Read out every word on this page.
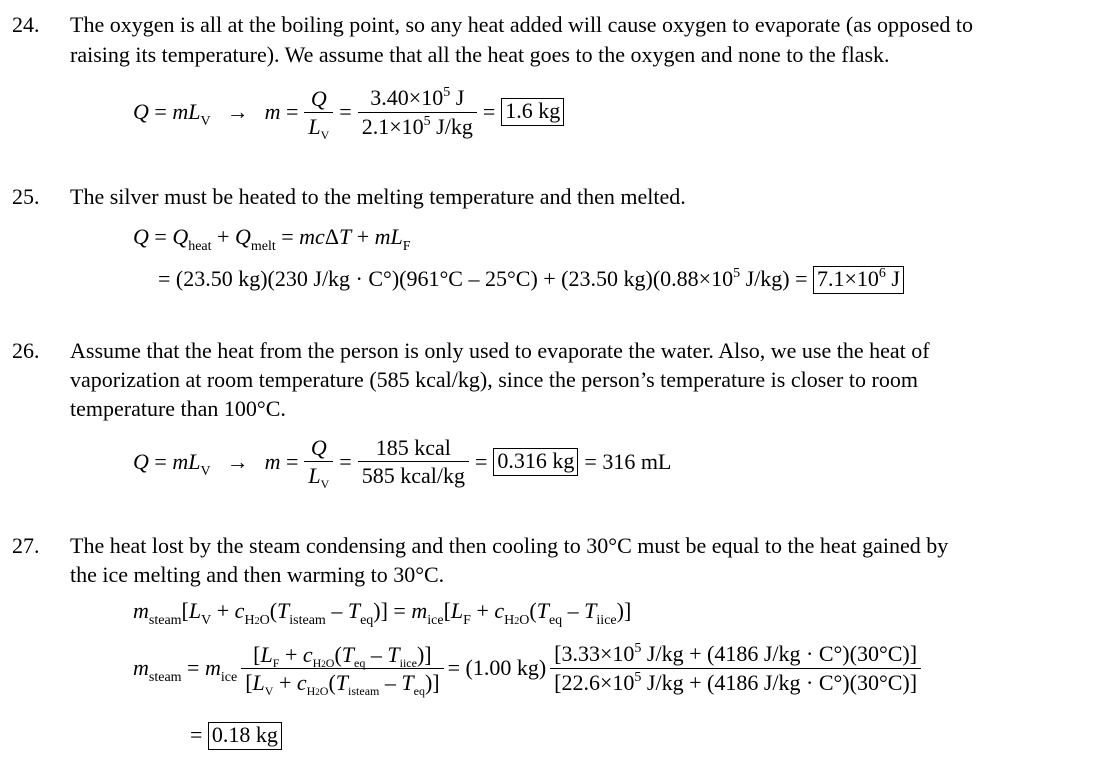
24. The oxygen is all at the boiling point, so any heat added will cause oxygen to evaporate (as opposed to
raising its temperature). We assume that all the heat goes to the oxygen and none to the flask.
$Q = mL_V \to m = \frac{Q}{L_V} = \frac{3.40\times 10^5 J}{2.1\times 10^5 J/kg} = 1.6$ kg
25. The silver must be heated to the melting temperature and then melted.
$Q = Q_{heat} + Q_{melt} = mc\Delta T + mL_F$
= (23.50 kg)(230 J/kg · C°)(961°C – 25°C) + (23.50 $kg)(0.88\times 10^5$ $J/kg) = 7.1\times 10^6$ J
26. Assume that the heat from the person is only used to evaporate the water. Also, we use the heat of
vaporization at room temperature (585 kcal/kg), since the person’s temperature is closer to room
temperature than 100°C.
$Q = mL_V \to m = \frac{Q}{L_V} = \frac{\text{185 kcal}}{\text{585 kcal/kg}} = 0.316$ kg = 316 mL
27. The heat lost by the steam condensing and then cooling to 30°C must be equal to the heat gained by
the ice melting and then warming to 30°C.
$m_{steam}[L_V + c_{H2O}(T_{isteam} - T_{eq})] = m_{ice}[L_F + c_{H2O}(T_{eq} - T_{iice})]$
$m_{steam} = m_{ice} \frac{[L_F + c_{H2O}(T_{eq} - T_{iice})]}{[L_V + c_{H2O}(T_{isteam} - T_{eq})]} = (1.00$ $kg) \frac{[3.33\times 10^5 J/kg + (4186 J/kg \cdot C^\circ)(30^\circ C)]}{[22.6\times 10^5 J/kg + (4186 J/kg \cdot C^\circ)(30^\circ C)]}$
= 0.18 kg
